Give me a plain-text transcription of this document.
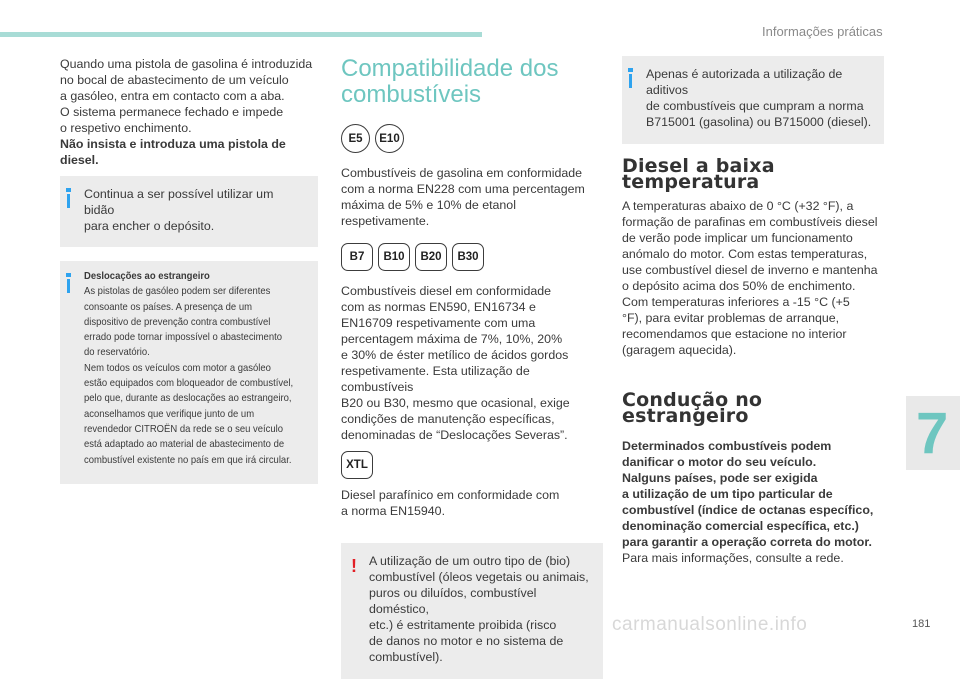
Informações práticas

Quando uma pistola de gasolina é introduzida

no bocal de abastecimento de um veículo

a gasóleo, entra em contacto com a aba.

O sistema permanece fechado e impede

o respetivo enchimento.

Não insista e introduza uma pistola de

diesel.

Continua a ser possível utilizar um bidão

para encher o depósito.

Deslocações ao estrangeiro

As pistolas de gasóleo podem ser diferentes

consoante os países. A presença de um

dispositivo de prevenção contra combustível

errado pode tornar impossível o abastecimento

do reservatório.

Nem todos os veículos com motor a gasóleo

estão equipados com bloqueador de combustível,

pelo que, durante as deslocações ao estrangeiro,

aconselhamos que verifique junto de um

revendedor CITROËN da rede se o seu veículo

está adaptado ao material de abastecimento de

combustível existente no país em que irá circular.

Compatibilidade dos
combustíveis
E5	E10

Combustíveis de gasolina em conformidade

com a norma EN228 com uma percentagem

máxima de 5% e 10% de etanol

respetivamente.

B7	B10	B20	B30

Combustíveis diesel em conformidade

com as normas EN590, EN16734 e

EN16709 respetivamente com uma

percentagem máxima de 7%, 10%, 20%

e 30% de éster metílico de ácidos gordos

respetivamente. Esta utilização de combustíveis

B20 ou B30, mesmo que ocasional, exige

condições de manutenção específicas,

denominadas de “Deslocações Severas”.

XTL

Diesel parafínico em conformidade com

a norma EN15940.

! A utilização de um outro tipo de (bio)

combustível (óleos vegetais ou animais,

puros ou diluídos, combustível doméstico,

etc.) é estritamente proibida (risco

de danos no motor e no sistema de

combustível).

Apenas é autorizada a utilização de aditivos

de combustíveis que cumpram a norma

B715001 (gasolina) ou B715000 (diesel).

Diesel a baixa temperatura

A temperaturas abaixo de 0 °C (+32 °F), a

formação de parafinas em combustíveis diesel

de verão pode implicar um funcionamento

anómalo do motor. Com estas temperaturas,

use combustível diesel de inverno e mantenha

o depósito acima dos 50% de enchimento.

Com temperaturas inferiores a -15 °C (+5

°F), para evitar problemas de arranque,

recomendamos que estacione no interior

(garagem aquecida).

Condução no estrangeiro

Determinados combustíveis podem

danificar o motor do seu veículo.

Nalguns países, pode ser exigida

a utilização de um tipo particular de

combustível (índice de octanas específico,

denominação comercial específica, etc.)

para garantir a operação correta do motor.

Para mais informações, consulte a rede.

7
carmanualsonline.info	181
